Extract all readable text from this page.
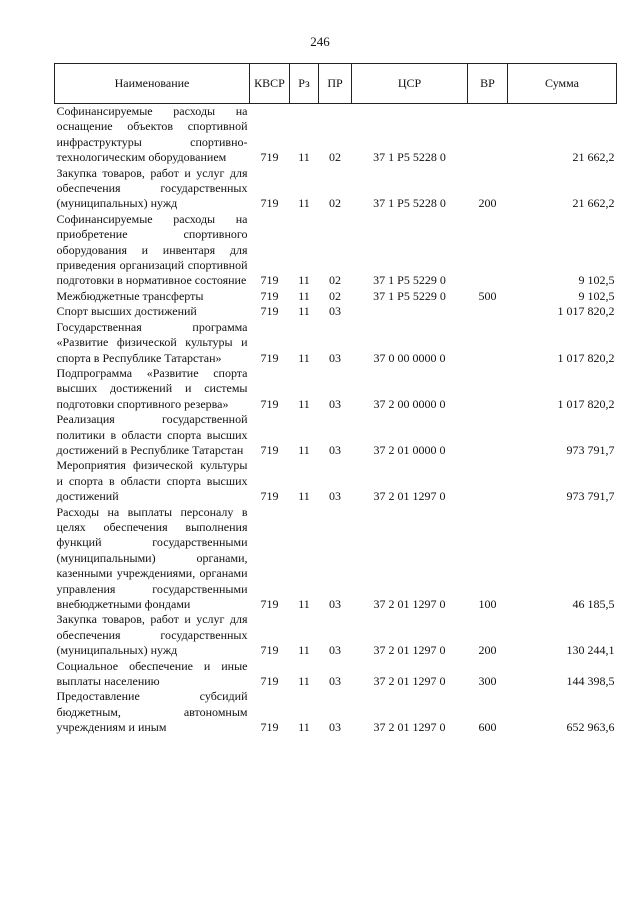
246
Наименование	КВСР	Рз	ПР	ЦСР	ВР	Сумма
Софинансируемые расходы на оснащение объектов спортивной инфраструктуры спортивно-технологическим оборудованием	719	11	02	37 1 P5 5228 0		21 662,2
Закупка товаров, работ и услуг для обеспечения государственных (муниципальных) нужд	719	11	02	37 1 P5 5228 0	200	21 662,2
Софинансируемые расходы на приобретение спортивного оборудования и инвентаря для приведения организаций спортивной подготовки в нормативное состояние	719	11	02	37 1 P5 5229 0		9 102,5
Межбюджетные трансферты	719	11	02	37 1 P5 5229 0	500	9 102,5
Спорт высших достижений	719	11	03			1 017 820,2
Государственная программа «Развитие физической культуры и спорта в Республике Татарстан»	719	11	03	37 0 00 0000 0		1 017 820,2
Подпрограмма «Развитие спорта высших достижений и системы подготовки спортивного резерва»	719	11	03	37 2 00 0000 0		1 017 820,2
Реализация государственной политики в области спорта высших достижений в Республике Татарстан	719	11	03	37 2 01 0000 0		973 791,7
Мероприятия физической культуры и спорта в области спорта высших достижений	719	11	03	37 2 01 1297 0		973 791,7
Расходы на выплаты персоналу в целях обеспечения выполнения функций государственными (муниципальными) органами, казенными учреждениями, органами управления государственными внебюджетными фондами	719	11	03	37 2 01 1297 0	100	46 185,5
Закупка товаров, работ и услуг для обеспечения государственных (муниципальных) нужд	719	11	03	37 2 01 1297 0	200	130 244,1
Социальное обеспечение и иные выплаты населению	719	11	03	37 2 01 1297 0	300	144 398,5
Предоставление субсидий бюджетным, автономным учреждениям и иным	719	11	03	37 2 01 1297 0	600	652 963,6
